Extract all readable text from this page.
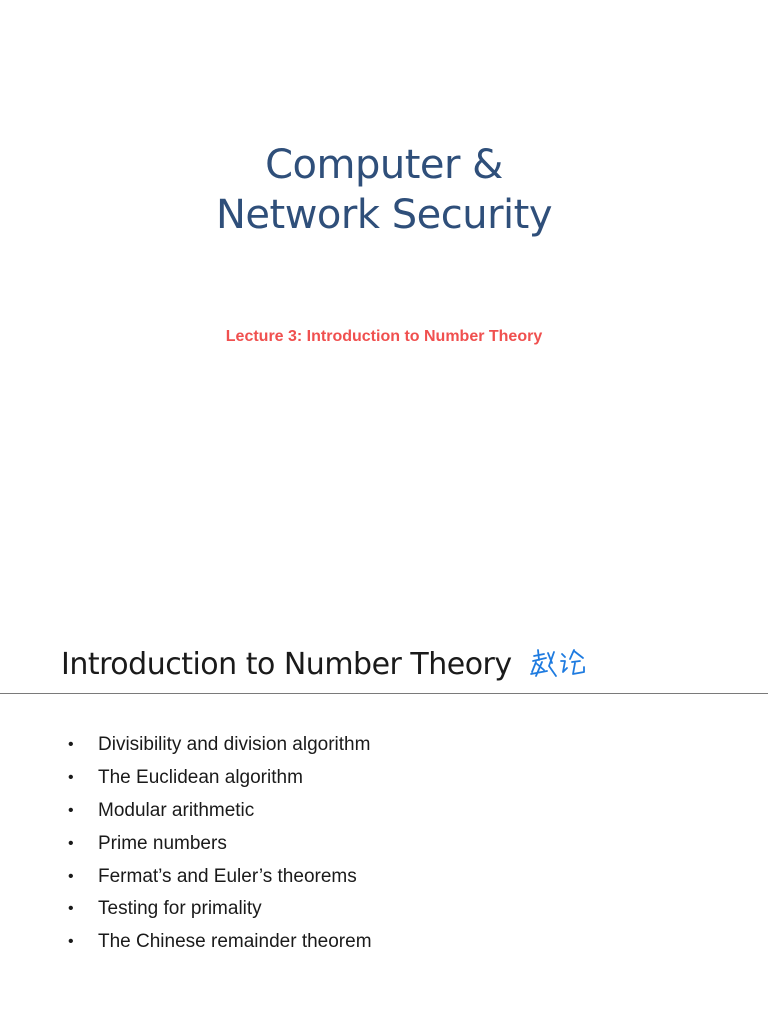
Computer &
Network Security
Lecture 3: Introduction to Number Theory
Introduction to Number Theory
•
Divisibility and division algorithm
•
The Euclidean algorithm
•
Modular arithmetic
•
Prime numbers
•
Fermat’s and Euler’s theorems
•
Testing for primality
•
The Chinese remainder theorem
